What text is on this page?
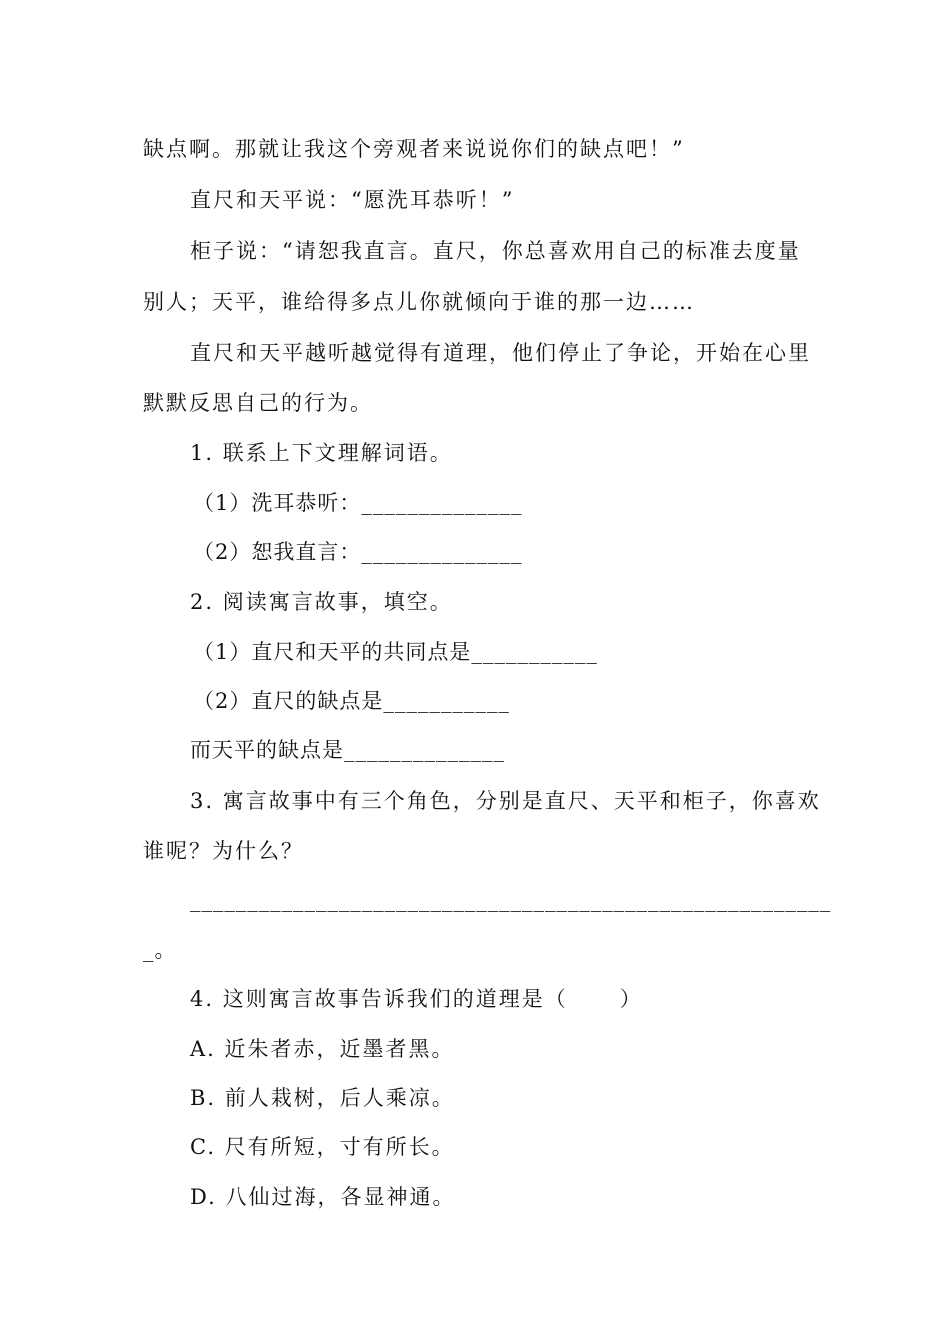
缺点啊。那就让我这个旁观者来说说你们的缺点吧！”
直尺和天平说：“愿洗耳恭听！”
柜子说：“请恕我直言。直尺，你总喜欢用自己的标准去度量
别人；天平，谁给得多点儿你就倾向于谁的那一边……
直尺和天平越听越觉得有道理，他们停止了争论，开始在心里
默默反思自己的行为。
1. 联系上下文理解词语。
（1）洗耳恭听：______________
（2）恕我直言：______________
2. 阅读寓言故事，填空。
（1）直尺和天平的共同点是___________
（2）直尺的缺点是___________
而天平的缺点是______________
3. 寓言故事中有三个角色，分别是直尺、天平和柜子，你喜欢
谁呢？为什么？
________________________________________________________
_。
4. 这则寓言故事告诉我们的道理是（      ）
A. 近朱者赤，近墨者黑。
B. 前人栽树，后人乘凉。
C. 尺有所短，寸有所长。
D. 八仙过海，各显神通。
